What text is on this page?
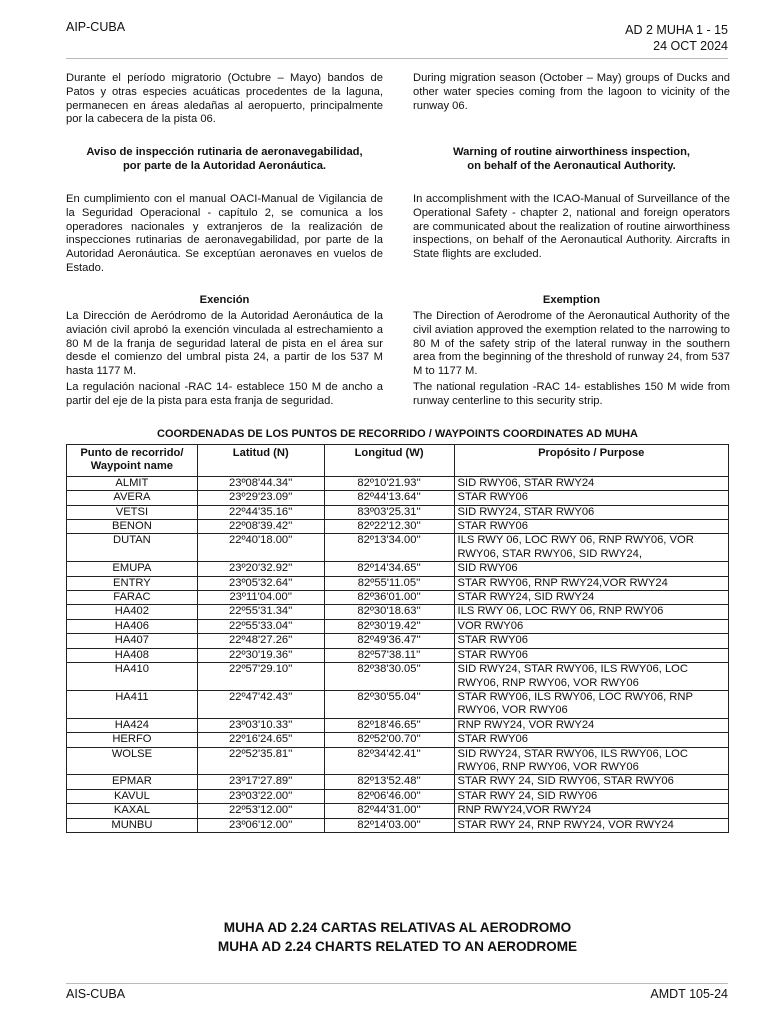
AIP-CUBA	AD 2 MUHA 1 - 15
24 OCT 2024

Durante el período migratorio (Octubre – Mayo) bandos de Patos y otras especies acuáticas procedentes de la laguna, permanecen en áreas aledañas al aeropuerto, principalmente por la cabecera de la pista 06.

Aviso de inspección rutinaria de aeronavegabilidad,

por parte de la Autoridad Aeronáutica.

En cumplimiento con el manual OACI-Manual de Vigilancia de la Seguridad Operacional - capítulo 2, se comunica a los operadores nacionales y extranjeros de la realización de inspecciones rutinarias de aeronavegabilidad, por parte de la Autoridad Aeronáutica. Se exceptúan aeronaves en vuelos de Estado.

Exención

La Dirección de Aeródromo de la Autoridad Aeronáutica de la aviación civil aprobó la exención vinculada al estrechamiento a 80 M de la franja de seguridad lateral de pista en el área sur desde el comienzo del umbral pista 24, a partir de los 537 M hasta 1177 M.

La regulación nacional -RAC 14- establece 150 M de ancho a partir del eje de la pista para esta franja de seguridad.

During migration season (October – May) groups of Ducks and other water species coming from the lagoon to vicinity of the runway 06.

Warning of routine airworthiness inspection,

on behalf of the Aeronautical Authority.

In accomplishment with the ICAO-Manual of Surveillance of the Operational Safety - chapter 2, national and foreign operators are communicated about the realization of routine airworthiness inspections, on behalf of the Aeronautical Authority. Aircrafts in State flights are excluded.

Exemption

The Direction of Aerodrome of the Aeronautical Authority of the civil aviation approved the exemption related to the narrowing to 80 M of the safety strip of the lateral runway in the southern area from the beginning of the threshold of runway 24, from 537 M to 1177 M.

The national regulation -RAC 14- establishes 150 M wide from runway centerline to this security strip.

COORDENADAS DE LOS PUNTOS DE RECORRIDO / WAYPOINTS COORDINATES AD MUHA
Punto de recorrido/ Waypoint name	Latitud (N)	Longitud (W)	Propósito / Purpose
ALMIT	23º08'44.34''	82º10'21.93''	SID RWY06, STAR RWY24
AVERA	23º29'23.09''	82º44'13.64''	STAR RWY06
VETSI	22º44'35.16''	83º03'25.31''	SID RWY24, STAR RWY06
BENON	22º08'39.42''	82º22'12.30''	STAR RWY06
DUTAN	22º40'18.00''	82º13'34.00''	ILS RWY 06, LOC RWY 06, RNP RWY06, VOR RWY06, STAR RWY06, SID RWY24,
EMUPA	23º20'32.92''	82º14'34.65''	SID RWY06
ENTRY	23º05'32.64''	82º55'11.05''	STAR RWY06, RNP RWY24,VOR RWY24
FARAC	23º11'04.00''	82º36'01.00''	STAR RWY24, SID RWY24
HA402	22º55'31.34''	82º30'18.63''	ILS RWY 06, LOC RWY 06, RNP RWY06
HA406	22º55'33.04''	82º30'19.42''	VOR RWY06
HA407	22º48'27.26''	82º49'36.47''	STAR RWY06
HA408	22º30'19.36''	82º57'38.11''	STAR RWY06
HA410	22º57'29.10''	82º38'30.05''	SID RWY24, STAR RWY06, ILS RWY06, LOC RWY06, RNP RWY06, VOR RWY06
HA411	22º47'42.43''	82º30'55.04''	STAR RWY06, ILS RWY06, LOC RWY06, RNP RWY06, VOR RWY06
HA424	23º03'10.33''	82º18'46.65''	RNP RWY24, VOR RWY24
HERFO	22º16'24.65''	82º52'00.70''	STAR RWY06
WOLSE	22º52'35.81''	82º34'42.41''	SID RWY24, STAR RWY06, ILS RWY06, LOC RWY06, RNP RWY06, VOR RWY06
EPMAR	23º17'27.89''	82º13'52.48''	STAR RWY 24, SID RWY06, STAR RWY06
KAVUL	23º03'22.00''	82º06'46.00''	STAR RWY 24, SID RWY06
KAXAL	22º53'12.00''	82º44'31.00''	RNP RWY24,VOR RWY24
MUNBU	23º06'12.00''	82º14'03.00''	STAR RWY 24, RNP RWY24, VOR RWY24
MUHA AD 2.24 CARTAS RELATIVAS AL AERODROMO
MUHA AD 2.24 CHARTS RELATED TO AN AERODROME
AIS-CUBA	AMDT 105-24
